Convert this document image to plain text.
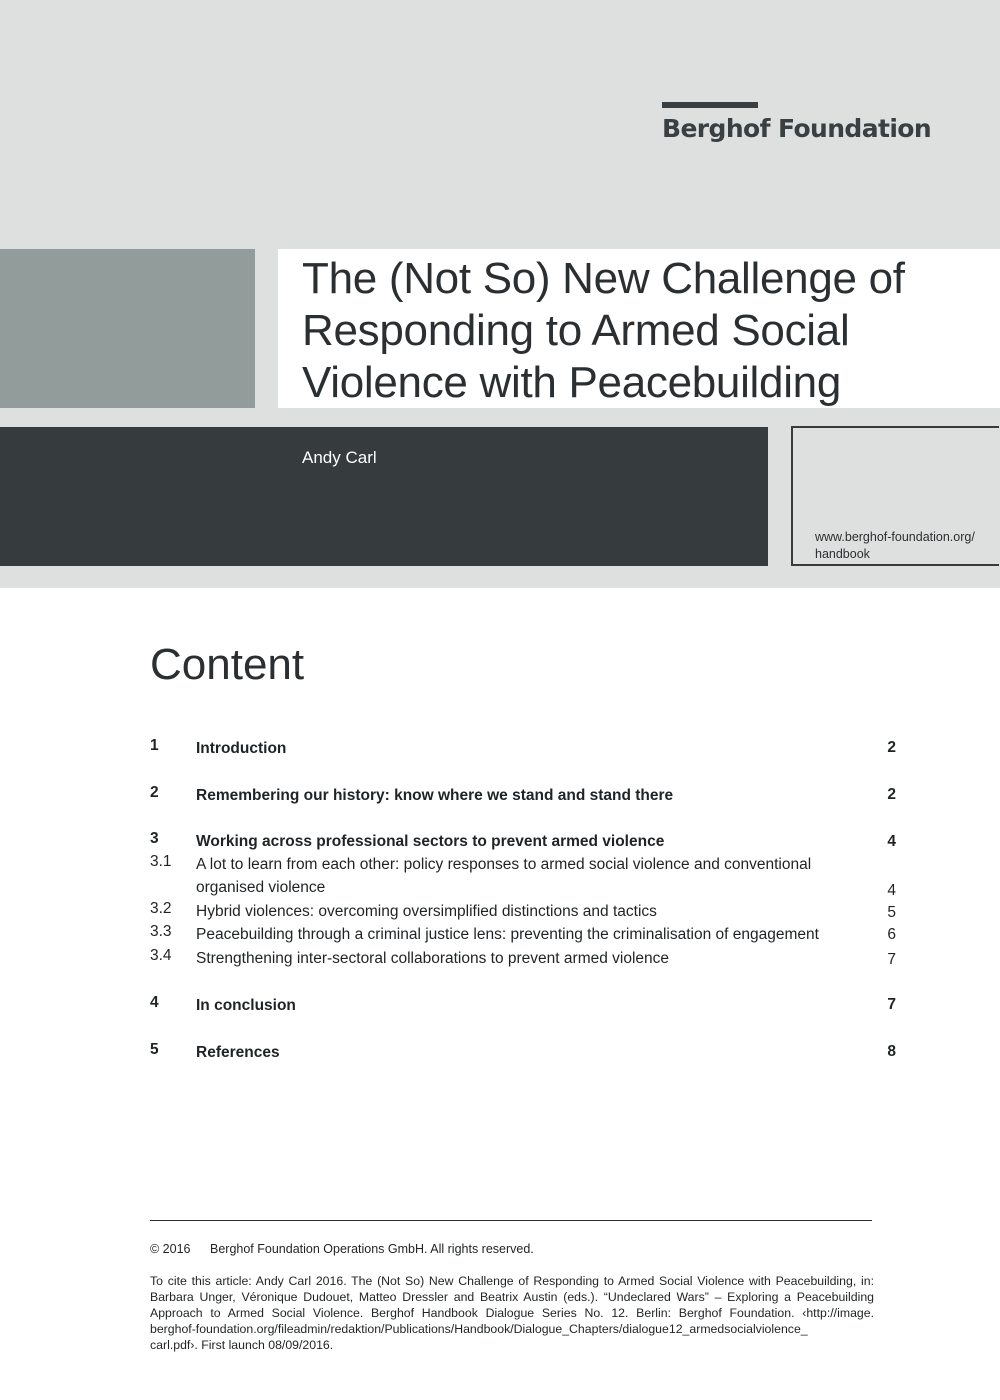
Berghof Foundation
The (Not So) New Challenge of
Responding to Armed Social
Violence with Peacebuilding
Andy Carl
www.berghof-foundation.org/
handbook
Content
1 Introduction	2
2 Remembering our history: know where we stand and stand there	2
3 Working across professional sectors to prevent armed violence	4
3.1 A lot to learn from each other: policy responses to armed social violence and conventional
organised violence	4
3.2 Hybrid violences: overcoming oversimplified distinctions and tactics	5
3.3 Peacebuilding through a criminal justice lens: preventing the criminalisation of engagement	6
3.4 Strengthening inter-sectoral collaborations to prevent armed violence	7
4 In conclusion	7
5 References	8
© 2016 Berghof Foundation Operations GmbH. All rights reserved.
To cite this article: Andy Carl 2016. The (Not So) New Challenge of Responding to Armed Social Violence with Peacebuilding, in:
Barbara Unger, Véronique Dudouet, Matteo Dressler and Beatrix Austin (eds.). “Undeclared Wars” – Exploring a Peacebuilding
Approach to Armed Social Violence. Berghof Handbook Dialogue Series No. 12. Berlin: Berghof Foundation. ‹http://image.
berghof-foundation.org/fileadmin/redaktion/Publications/Handbook/Dialogue_Chapters/dialogue12_armedsocialviolence_
carl.pdf›. First launch 08/09/2016.
